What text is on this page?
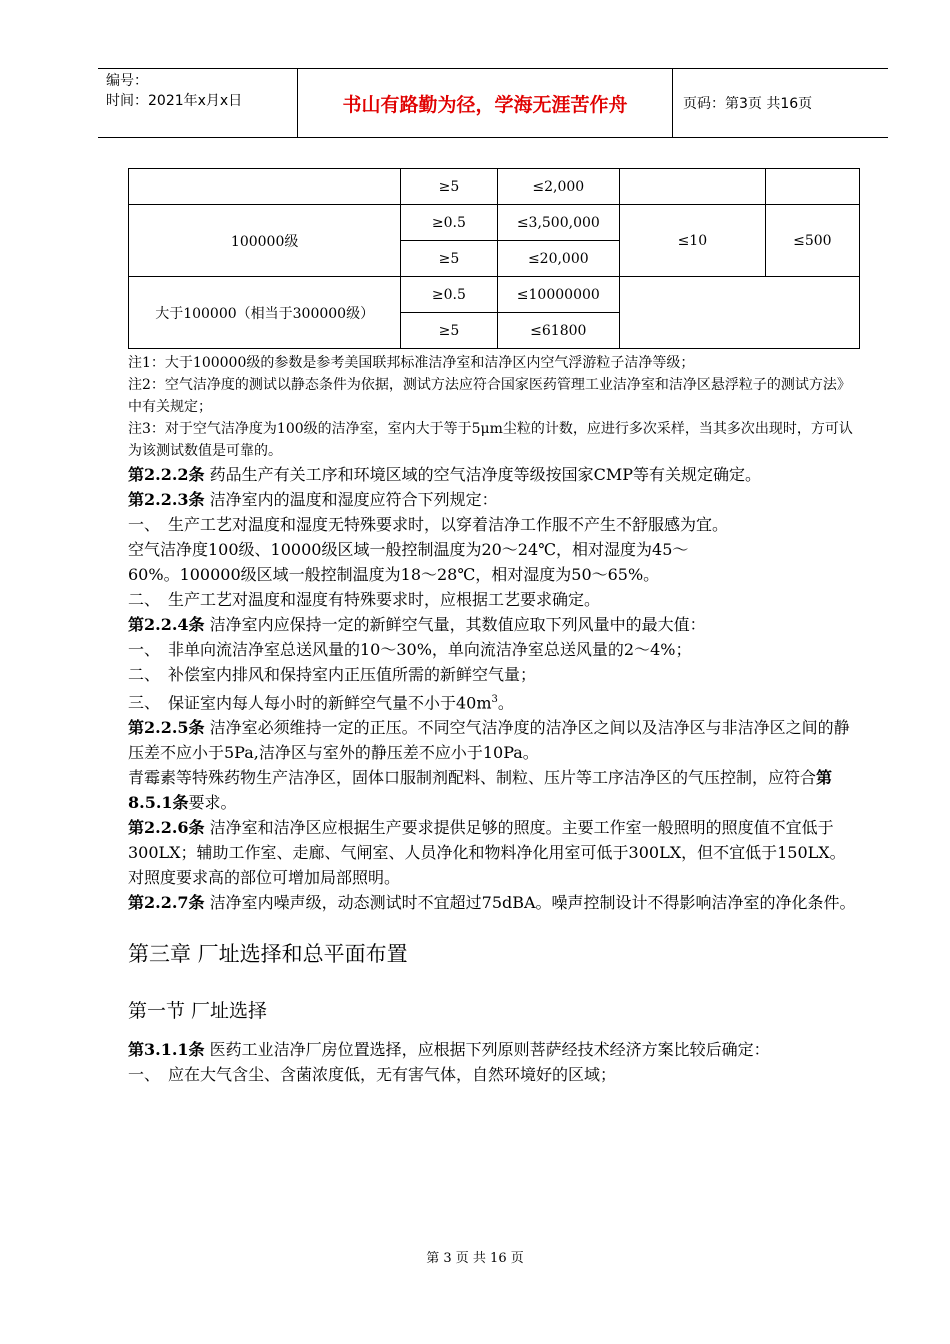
编号：
时间：2021年x月x日	书山有路勤为径，学海无涯苦作舟	页码：第3页 共16页
	≥5	≤2,000		
100000级	≥0.5	≤3,500,000	≤10	≤500
	≥5	≤20,000		
大于100000（相当于300000级）	≥0.5	≤10000000		
	≥5	≤61800		
注1：大于100000级的参数是参考美国联邦标准洁净室和洁净区内空气浮游粒子洁净等级；
注2：空气洁净度的测试以静态条件为依据，测试方法应符合国家医药管理工业洁净室和洁净区悬浮粒子的测试方法》中有关规定；
注3：对于空气洁净度为100级的洁净室，室内大于等于5μm尘粒的计数，应进行多次采样，当其多次出现时，方可认为该测试数值是可靠的。
第2.2.2条 药品生产有关工序和环境区域的空气洁净度等级按国家CMP等有关规定确定。
第2.2.3条 洁净室内的温度和湿度应符合下列规定：
一、 生产工艺对温度和湿度无特殊要求时，以穿着洁净工作服不产生不舒服感为宜。
空气洁净度100级、10000级区域一般控制温度为20～24℃，相对湿度为45～
60%。100000级区域一般控制温度为18～28℃，相对湿度为50～65%。
二、 生产工艺对温度和湿度有特殊要求时，应根据工艺要求确定。
第2.2.4条 洁净室内应保持一定的新鲜空气量，其数值应取下列风量中的最大值：
一、 非单向流洁净室总送风量的10～30%，单向流洁净室总送风量的2～4%；
二、 补偿室内排风和保持室内正压值所需的新鲜空气量；
三、 保证室内每人每小时的新鲜空气量不小于$40m^3$。
第2.2.5条 洁净室必须维持一定的正压。不同空气洁净度的洁净区之间以及洁净区与非洁净区之间的静压差不应小于5Pa,洁净区与室外的静压差不应小于10Pa。
青霉素等特殊药物生产洁净区，固体口服制剂配料、制粒、压片等工序洁净区的气压控制，应符合第8.5.1条要求。
第2.2.6条 洁净室和洁净区应根据生产要求提供足够的照度。主要工作室一般照明的照度值不宜低于300LX；辅助工作室、走廊、气闸室、人员净化和物料净化用室可低于300LX，但不宜低于150LX。对照度要求高的部位可增加局部照明。
第2.2.7条 洁净室内噪声级，动态测试时不宜超过75dBA。噪声控制设计不得影响洁净室的净化条件。
第三章 厂址选择和总平面布置
第一节 厂址选择
第3.1.1条 医药工业洁净厂房位置选择，应根据下列原则菩萨经技术经济方案比较后确定：
一、 应在大气含尘、含菌浓度低，无有害气体，自然环境好的区域；
第 3 页 共 16 页
